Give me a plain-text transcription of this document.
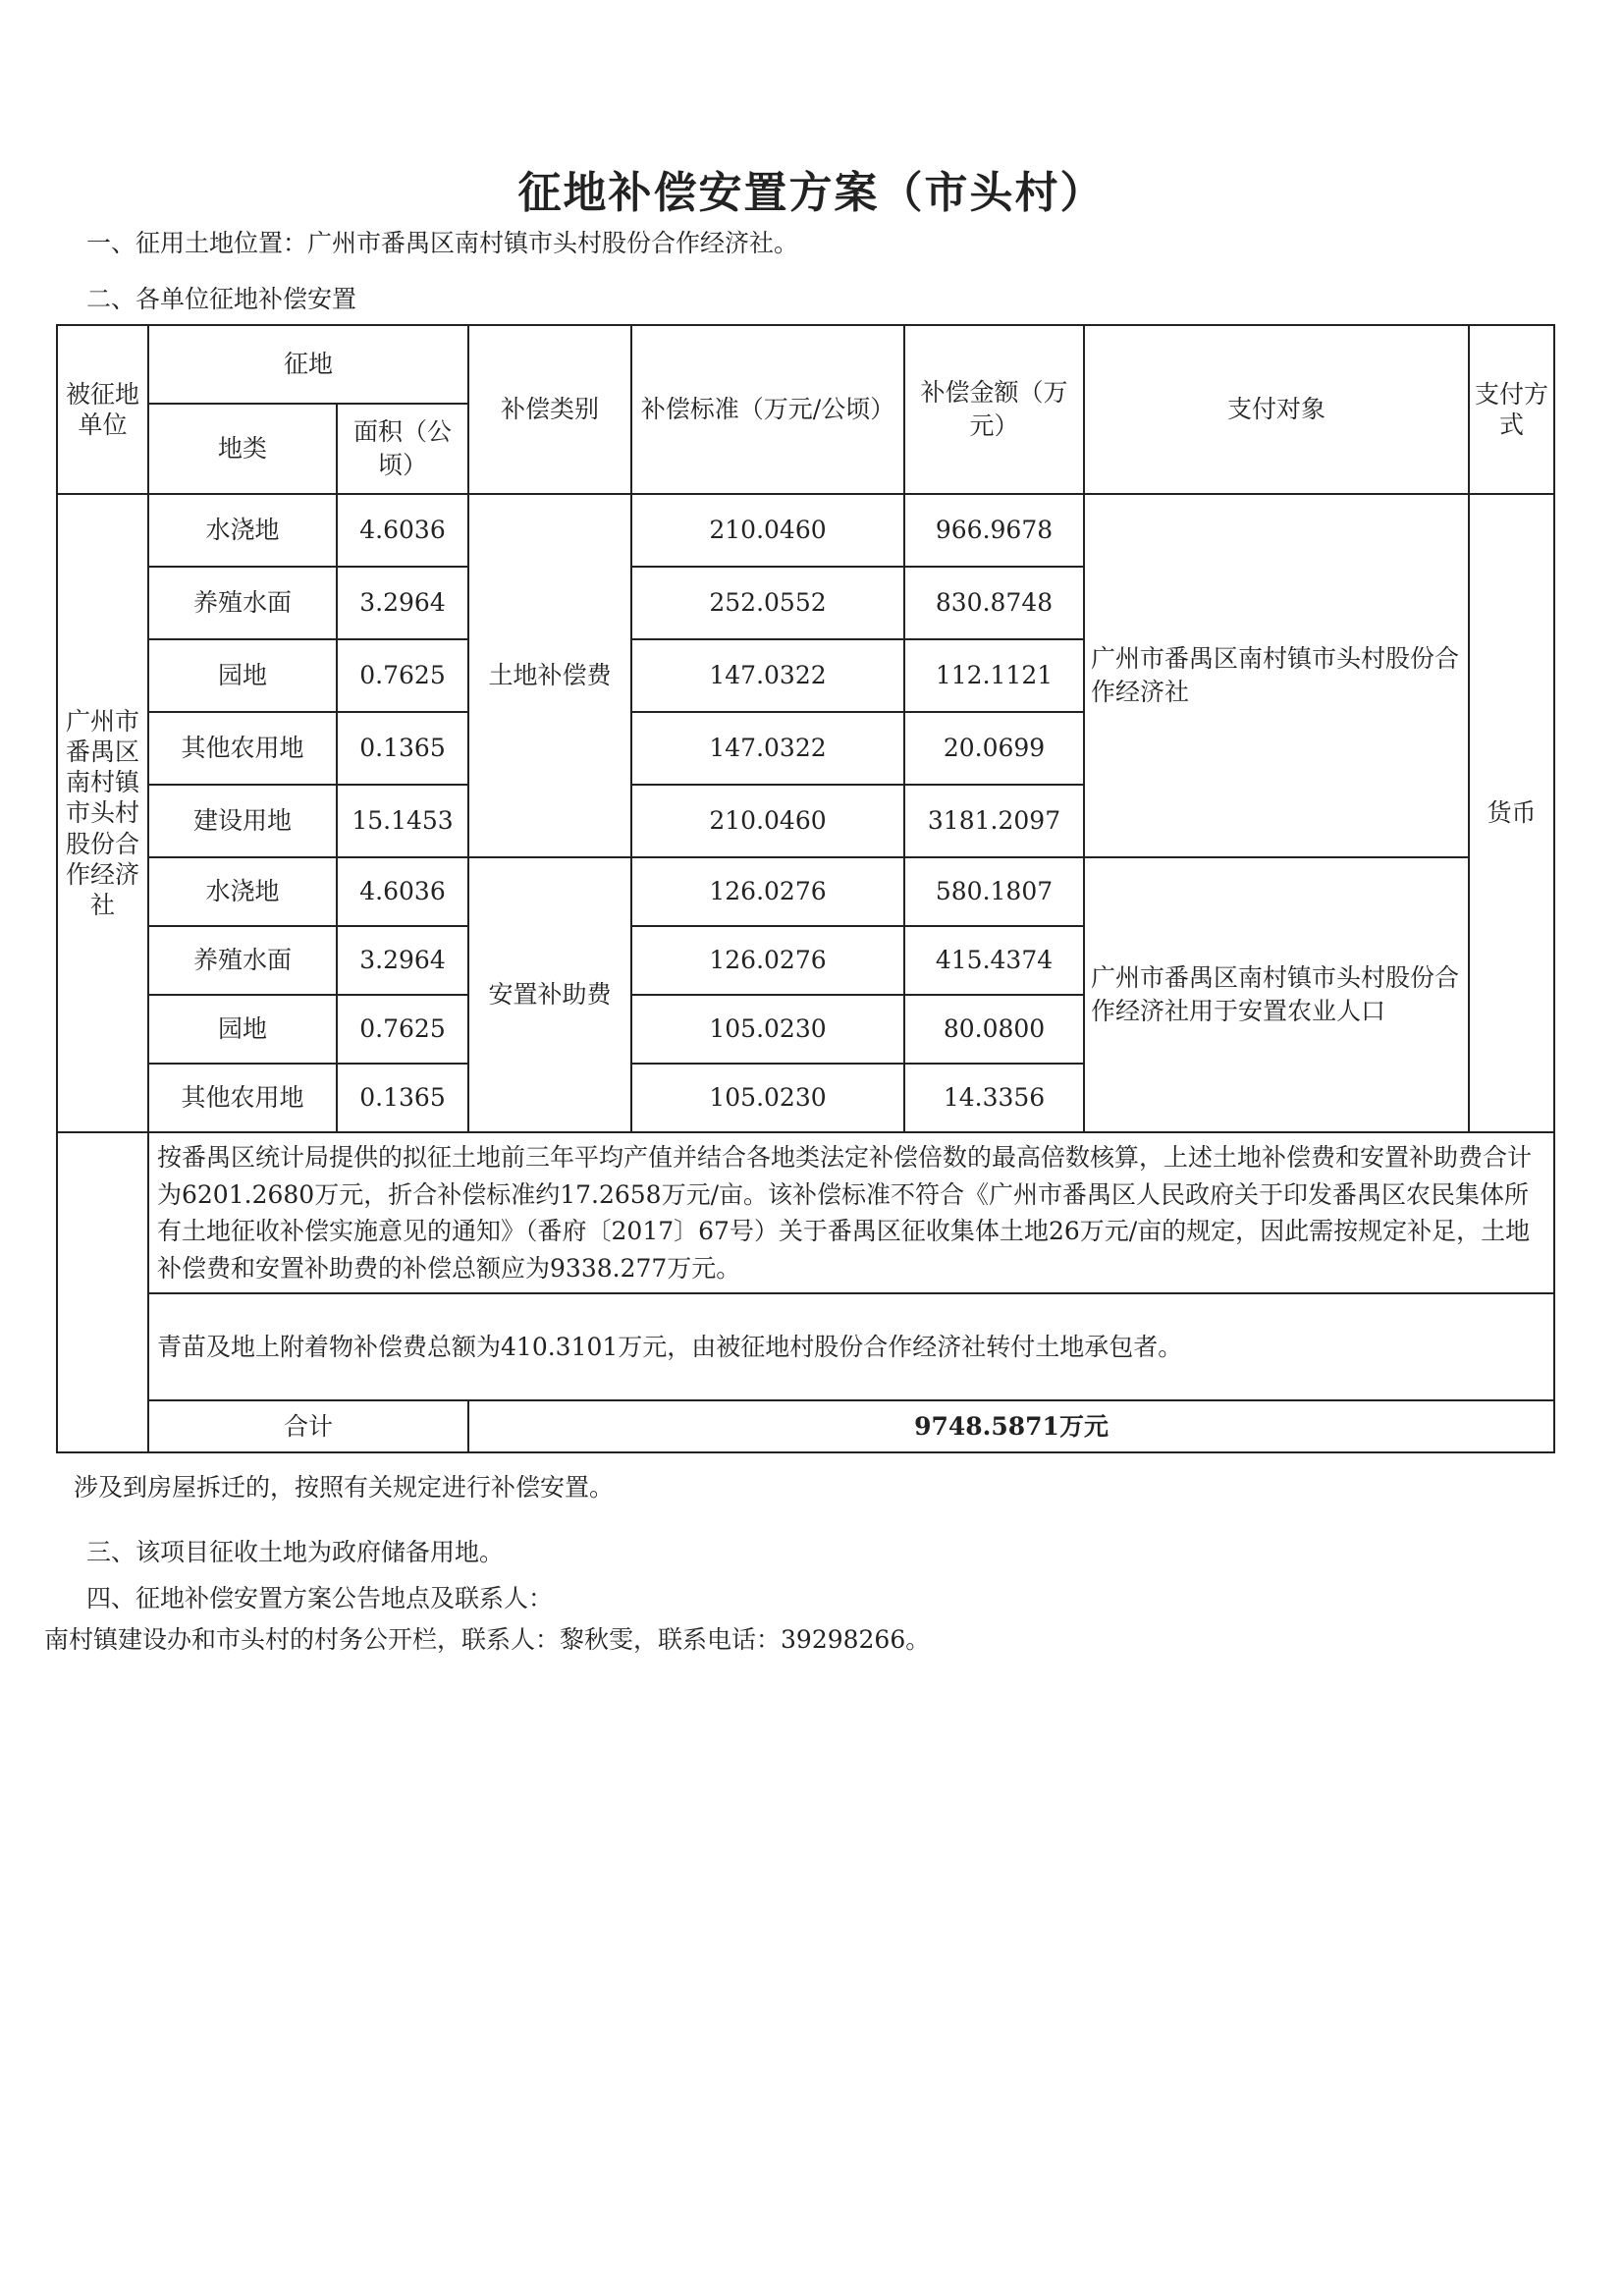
征地补偿安置方案（市头村）
一、征用土地位置：广州市番禺区南村镇市头村股份合作经济社。
二、各单位征地补偿安置
被征地单位	征地		补偿类别	补偿标准（万元/公顷）	补偿金额（万元）	支付对象	支付方式
	地类	面积（公顷）					
广州市番禺区南村镇市头村股份合作经济社	水浇地	4.6036	土地补偿费	210.0460	966.9678	广州市番禺区南村镇市头村股份合作经济社	货币
	养殖水面	3.2964		252.0552	830.8748		
	园地	0.7625		147.0322	112.1121		
	其他农用地	0.1365		147.0322	20.0699		
	建设用地	15.1453		210.0460	3181.2097		
	水浇地	4.6036	安置补助费	126.0276	580.1807	广州市番禺区南村镇市头村股份合作经济社用于安置农业人口	
	养殖水面	3.2964		126.0276	415.4374		
	园地	0.7625		105.0230	80.0800		
	其他农用地	0.1365		105.0230	14.3356		
	按番禺区统计局提供的拟征土地前三年平均产值并结合各地类法定补偿倍数的最高倍数核算，上述土地补偿费和安置补助费合计为6201.2680万元，折合补偿标准约17.2658万元/亩。该补偿标准不符合《广州市番禺区人民政府关于印发番禺区农民集体所有土地征收补偿实施意见的通知》（番府〔2017〕67号）关于番禺区征收集体土地26万元/亩的规定，因此需按规定补足，土地补偿费和安置补助费的补偿总额应为9338.277万元。						
	青苗及地上附着物补偿费总额为410.3101万元，由被征地村股份合作经济社转付土地承包者。						
	合计		9748.5871万元				
涉及到房屋拆迁的，按照有关规定进行补偿安置。
三、该项目征收土地为政府储备用地。
四、征地补偿安置方案公告地点及联系人：
南村镇建设办和市头村的村务公开栏，联系人：黎秋雯，联系电话：39298266。
